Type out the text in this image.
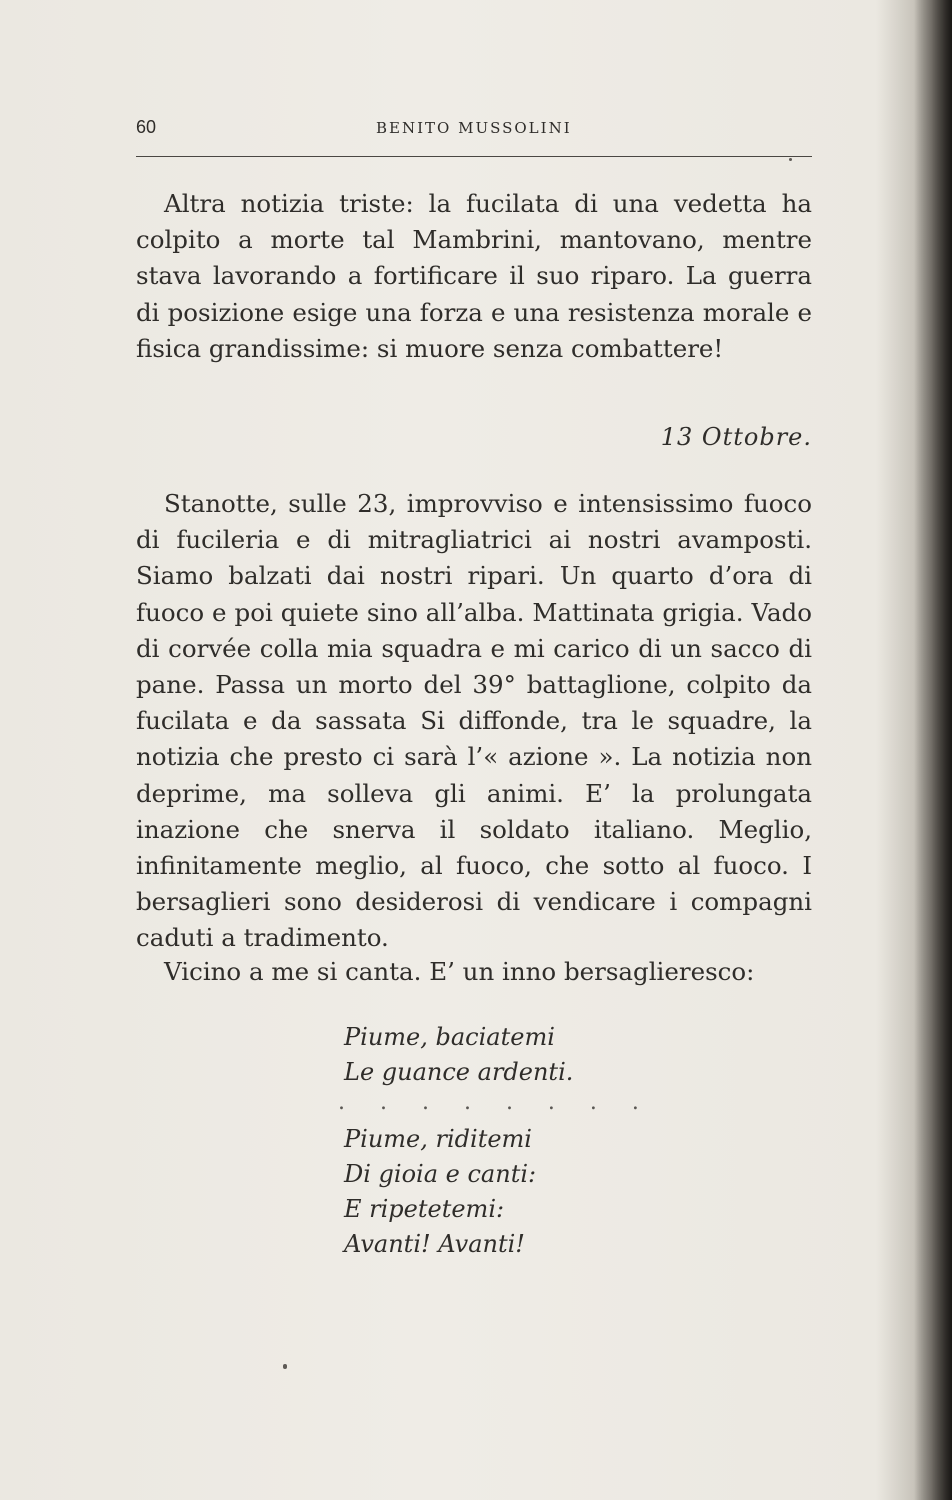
60	BENITO MUSSOLINI

Altra notizia triste: la fucilata di una vedetta ha colpito a morte tal Mambrini, mantovano, mentre stava lavorando a fortificare il suo riparo. La guerra di posizione esige una forza e una resistenza morale e fisica grandissime: si muore senza combattere!

13 Ottobre.

Stanotte, sulle 23, improvviso e intensissimo fuoco di fucileria e di mitragliatrici ai nostri avamposti. Siamo balzati dai nostri ripari. Un quarto d’ora di fuoco e poi quiete sino all’alba. Mattinata grigia. Vado di corvée colla mia squadra e mi carico di un sacco di pane. Passa un morto del 39° battaglione, colpito da fucilata e da sassata Si diffonde, tra le squadre, la notizia che presto ci sarà l’« azione ». La notizia non deprime, ma solleva gli animi. E’ la prolungata inazione che snerva il soldato italiano. Meglio, infinitamente meglio, al fuoco, che sotto al fuoco. I bersaglieri sono desiderosi di vendicare i compagni caduti a tradimento.

Vicino a me si canta. E’ un inno bersaglieresco:

Piume, baciatemi
Le guance ardenti.
. . . . . . . .
Piume, riditemi
Di gioia e canti:
E ripetetemi:
Avanti! Avanti!
